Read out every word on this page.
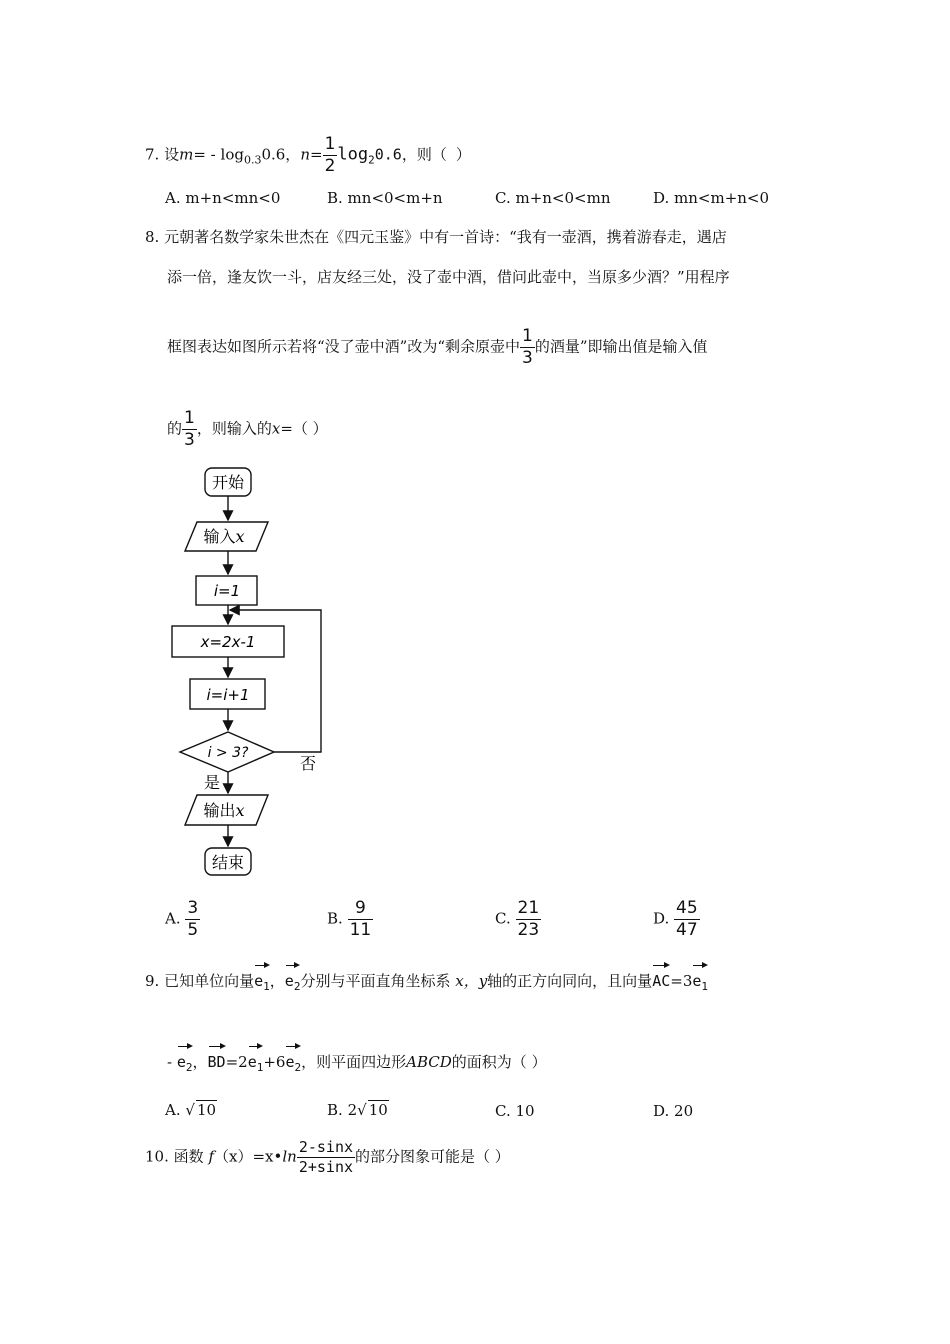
7. 设$m= - \log_{0.3}0.6$，$n= \frac{1}{2} \log_20.6$，则（ ）
A. m+n<mn<0	B. mn<0<m+n	C. m+n<0<mn	D. mn<m+n<0
8. 元朝著名数学家朱世杰在《四元玉鉴》中有一首诗：“我有一壶酒，携着游春走，遇店
添一倍，逢友饮一斗，店友经三处，没了壶中酒，借问此壶中，当原多少酒？”用程序
框图表达如图所示若将“没了壶中酒”改为“剩余原壶中 $\frac{1}{3}$ 的酒量”即输出值是输入值
的 $\frac{1}{3}$ ，则输入的x=（ ）
开始
输入x
i=1
x=2x-1
i=i+1
i > 3?
否
是
输出x
结束
A. $\frac{3}{5}$	B. $\frac{9}{11}$	C. $\frac{21}{23}$	D. $\frac{45}{47}$
9. 已知单位向量$e_1$，$e_2$分别与平面直角坐标系 x，y轴的正方向同向，且向量$AC=3e_1$
- $e_2$，$BD=2e_1+6e_2$，则平面四边形ABCD的面积为（ ）
A. √ 10	B. 2√ 10	C. 10	D. 20
10. 函数 f（x）=x•ln $\frac{2-\sin x}{2+\sin x}$ 的部分图象可能是（ ）
